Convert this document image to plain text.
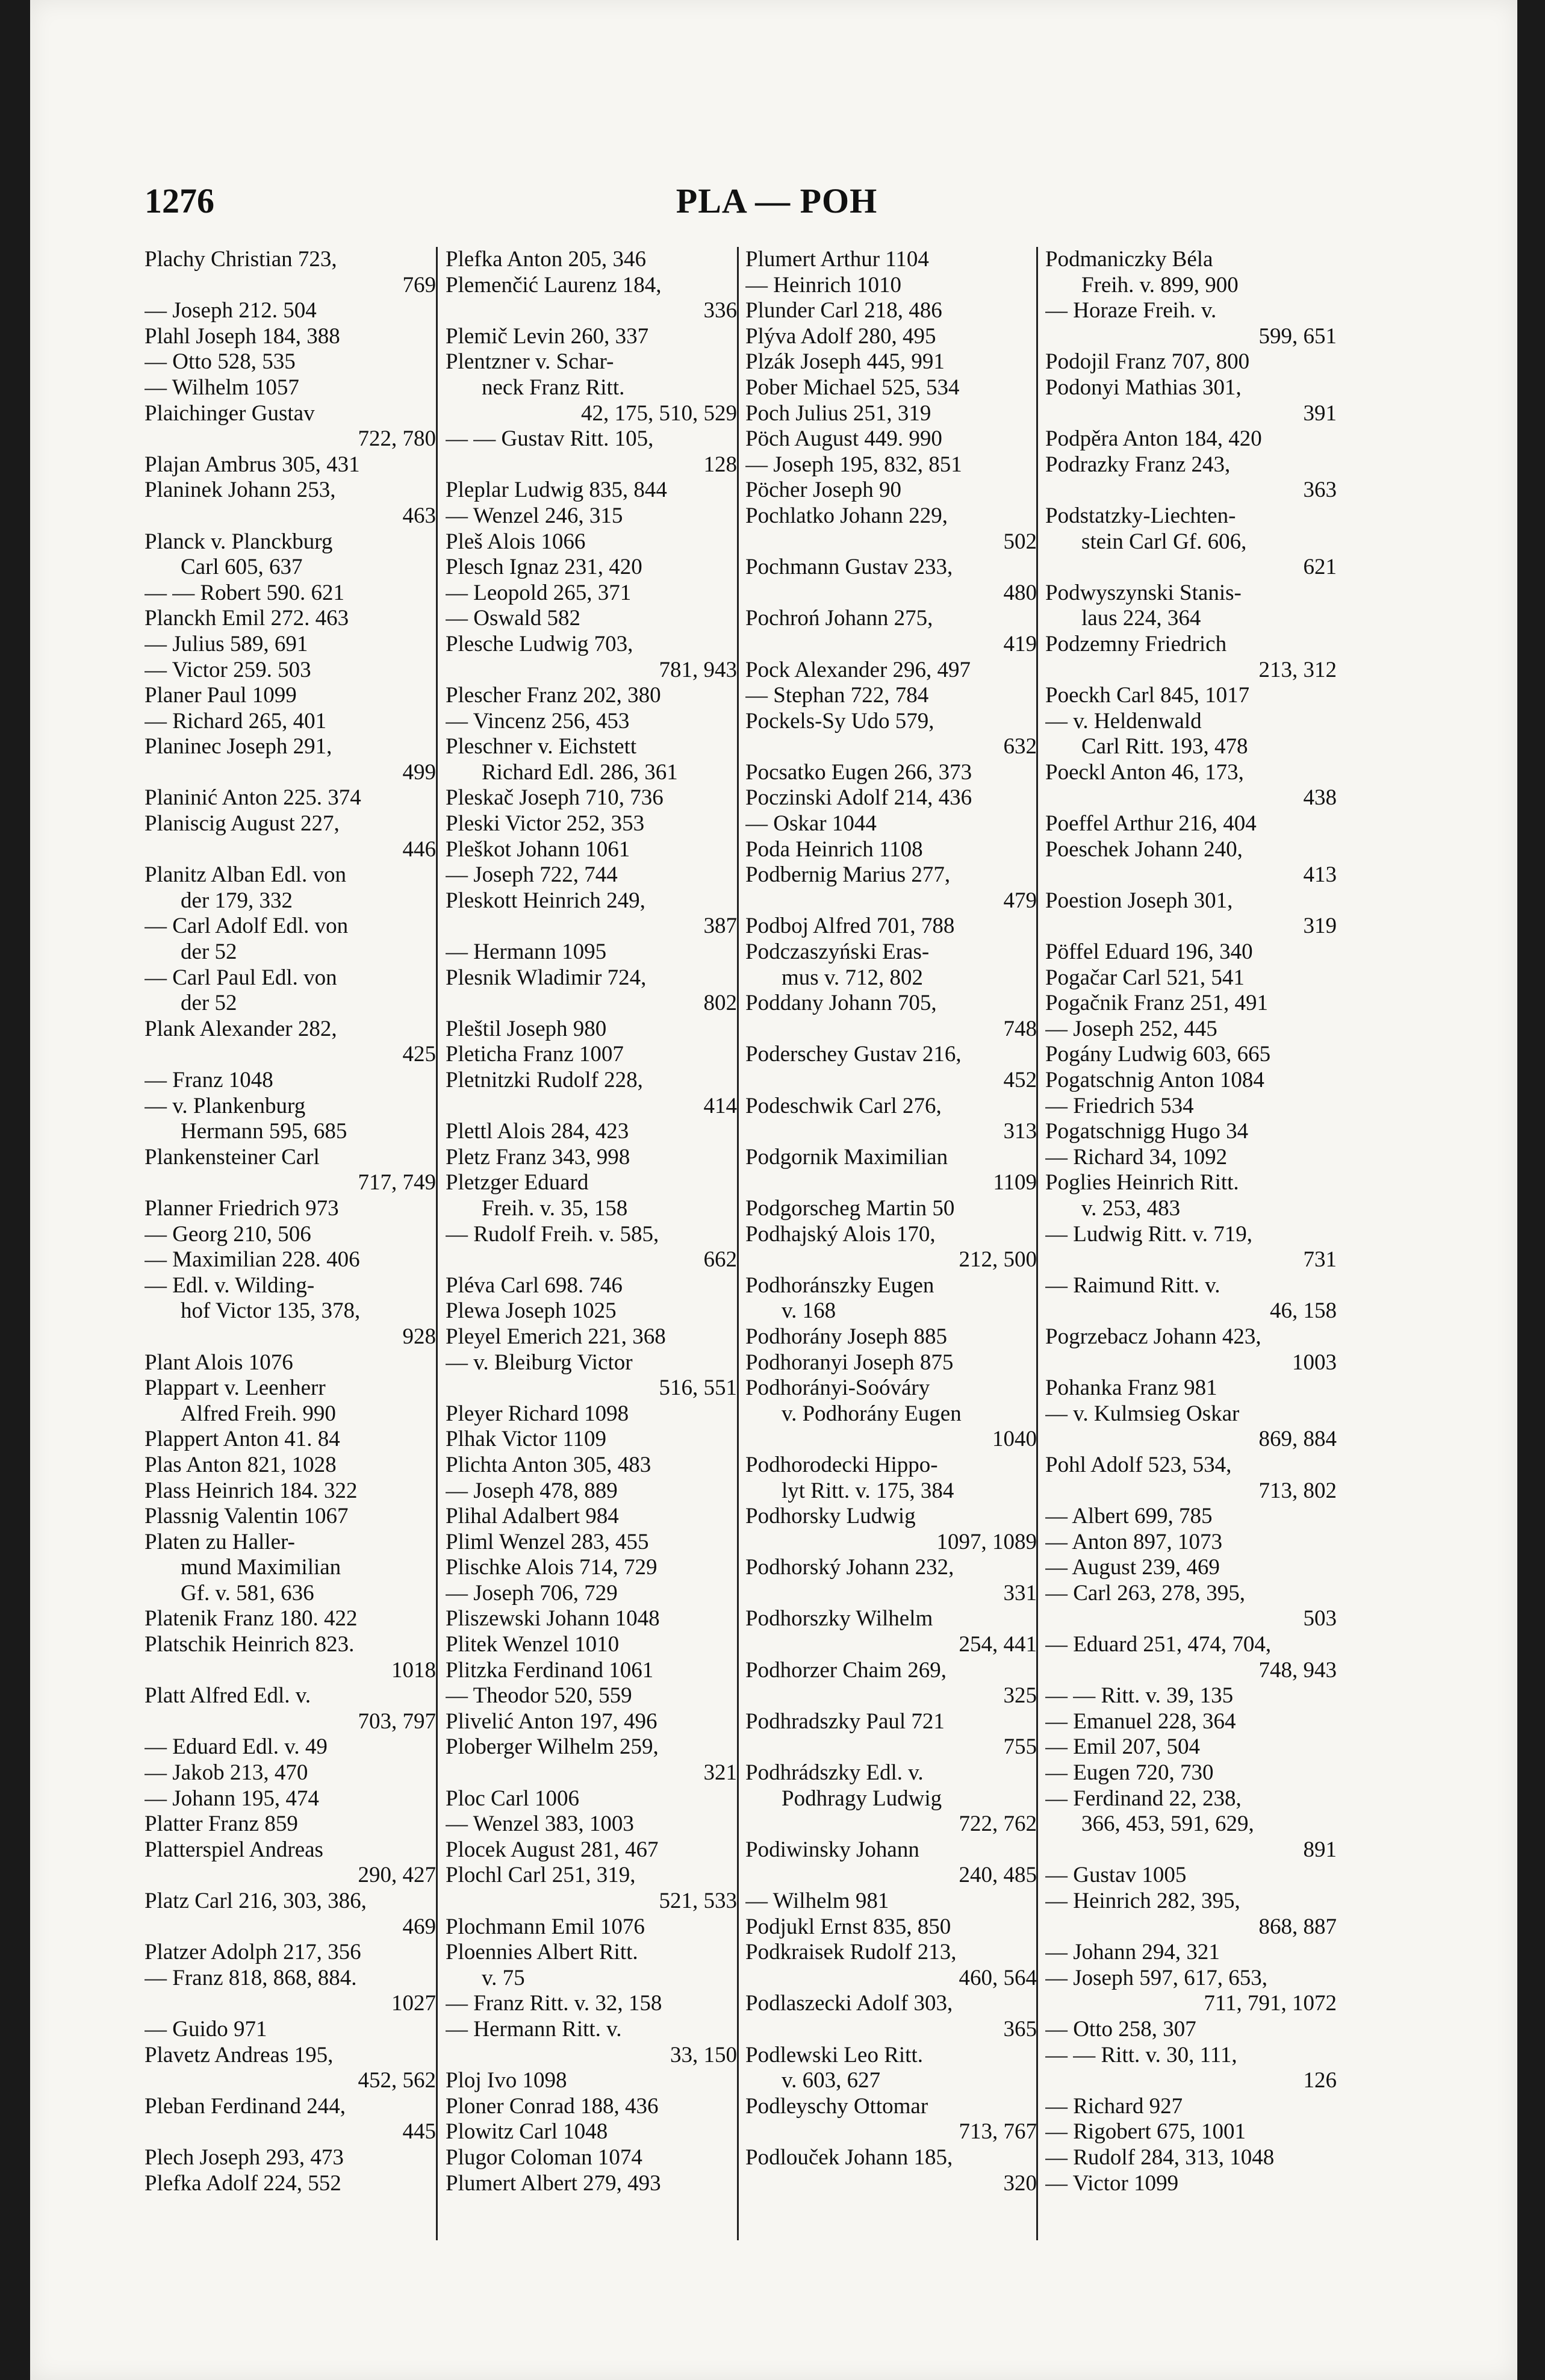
1276	PLA — POH
Plachy Christian 723,
769
— Joseph 212. 504
Plahl Joseph 184, 388
— Otto 528, 535
— Wilhelm 1057
Plaichinger Gustav
722, 780
Plajan Ambrus 305, 431
Planinek Johann 253,
463
Planck v. Planckburg
Carl 605, 637
— — Robert 590. 621
Planckh Emil 272. 463
— Julius 589, 691
— Victor 259. 503
Planer Paul 1099
— Richard 265, 401
Planinec Joseph 291,
499
Planinić Anton 225. 374
Planiscig August 227,
446
Planitz Alban Edl. von
der 179, 332
— Carl Adolf Edl. von
der 52
— Carl Paul Edl. von
der 52
Plank Alexander 282,
425
— Franz 1048
— v. Plankenburg
Hermann 595, 685
Plankensteiner Carl
717, 749
Planner Friedrich 973
— Georg 210, 506
— Maximilian 228. 406
— Edl. v. Wilding-
hof Victor 135, 378,
928
Plant Alois 1076
Plappart v. Leenherr
Alfred Freih. 990
Plappert Anton 41. 84
Plas Anton 821, 1028
Plass Heinrich 184. 322
Plassnig Valentin 1067
Platen zu Haller-
mund Maximilian
Gf. v. 581, 636
Platenik Franz 180. 422
Platschik Heinrich 823.
1018
Platt Alfred Edl. v.
703, 797
— Eduard Edl. v. 49
— Jakob 213, 470
— Johann 195, 474
Platter Franz 859
Platterspiel Andreas
290, 427
Platz Carl 216, 303, 386,
469
Platzer Adolph 217, 356
— Franz 818, 868, 884.
1027
— Guido 971
Plavetz Andreas 195,
452, 562
Pleban Ferdinand 244,
445
Plech Joseph 293, 473
Plefka Adolf 224, 552
Plefka Anton 205, 346
Plemenčić Laurenz 184,
336
Plemič Levin 260, 337
Plentzner v. Schar-
neck Franz Ritt.
42, 175, 510, 529
— — Gustav Ritt. 105,
128
Pleplar Ludwig 835, 844
— Wenzel 246, 315
Pleš Alois 1066
Plesch Ignaz 231, 420
— Leopold 265, 371
— Oswald 582
Plesche Ludwig 703,
781, 943
Plescher Franz 202, 380
— Vincenz 256, 453
Pleschner v. Eichstett
Richard Edl. 286, 361
Pleskač Joseph 710, 736
Pleski Victor 252, 353
Pleškot Johann 1061
— Joseph 722, 744
Pleskott Heinrich 249,
387
— Hermann 1095
Plesnik Wladimir 724,
802
Pleštil Joseph 980
Pleticha Franz 1007
Pletnitzki Rudolf 228,
414
Plettl Alois 284, 423
Pletz Franz 343, 998
Pletzger Eduard
Freih. v. 35, 158
— Rudolf Freih. v. 585,
662
Pléva Carl 698. 746
Plewa Joseph 1025
Pleyel Emerich 221, 368
— v. Bleiburg Victor
516, 551
Pleyer Richard 1098
Plhak Victor 1109
Plichta Anton 305, 483
— Joseph 478, 889
Plihal Adalbert 984
Pliml Wenzel 283, 455
Plischke Alois 714, 729
— Joseph 706, 729
Pliszewski Johann 1048
Plitek Wenzel 1010
Plitzka Ferdinand 1061
— Theodor 520, 559
Plivelić Anton 197, 496
Ploberger Wilhelm 259,
321
Ploc Carl 1006
— Wenzel 383, 1003
Plocek August 281, 467
Plochl Carl 251, 319,
521, 533
Plochmann Emil 1076
Ploennies Albert Ritt.
v. 75
— Franz Ritt. v. 32, 158
— Hermann Ritt. v.
33, 150
Ploj Ivo 1098
Ploner Conrad 188, 436
Plowitz Carl 1048
Plugor Coloman 1074
Plumert Albert 279, 493
Plumert Arthur 1104
— Heinrich 1010
Plunder Carl 218, 486
Plýva Adolf 280, 495
Plzák Joseph 445, 991
Pober Michael 525, 534
Poch Julius 251, 319
Pöch August 449. 990
— Joseph 195, 832, 851
Pöcher Joseph 90
Pochlatko Johann 229,
502
Pochmann Gustav 233,
480
Pochroń Johann 275,
419
Pock Alexander 296, 497
— Stephan 722, 784
Pockels-Sy Udo 579,
632
Pocsatko Eugen 266, 373
Poczinski Adolf 214, 436
— Oskar 1044
Poda Heinrich 1108
Podbernig Marius 277,
479
Podboj Alfred 701, 788
Podczaszyński Eras-
mus v. 712, 802
Poddany Johann 705,
748
Poderschey Gustav 216,
452
Podeschwik Carl 276,
313
Podgornik Maximilian
1109
Podgorscheg Martin 50
Podhajský Alois 170,
212, 500
Podhoránszky Eugen
v. 168
Podhorány Joseph 885
Podhoranyi Joseph 875
Podhorányi-Soóváry
v. Podhorány Eugen
1040
Podhorodecki Hippo-
lyt Ritt. v. 175, 384
Podhorsky Ludwig
1097, 1089
Podhorský Johann 232,
331
Podhorszky Wilhelm
254, 441
Podhorzer Chaim 269,
325
Podhradszky Paul 721
755
Podhrádszky Edl. v.
Podhragy Ludwig
722, 762
Podiwinsky Johann
240, 485
— Wilhelm 981
Podjukl Ernst 835, 850
Podkraisek Rudolf 213,
460, 564
Podlaszecki Adolf 303,
365
Podlewski Leo Ritt.
v. 603, 627
Podleyschy Ottomar
713, 767
Podlouček Johann 185,
320
Podmaniczky Béla
Freih. v. 899, 900
— Horaze Freih. v.
599, 651
Podojil Franz 707, 800
Podonyi Mathias 301,
391
Podpěra Anton 184, 420
Podrazky Franz 243,
363
Podstatzky-Liechten-
stein Carl Gf. 606,
621
Podwyszynski Stanis-
laus 224, 364
Podzemny Friedrich
213, 312
Poeckh Carl 845, 1017
— v. Heldenwald
Carl Ritt. 193, 478
Poeckl Anton 46, 173,
438
Poeffel Arthur 216, 404
Poeschek Johann 240,
413
Poestion Joseph 301,
319
Pöffel Eduard 196, 340
Pogačar Carl 521, 541
Pogačnik Franz 251, 491
— Joseph 252, 445
Pogány Ludwig 603, 665
Pogatschnig Anton 1084
— Friedrich 534
Pogatschnigg Hugo 34
— Richard 34, 1092
Poglies Heinrich Ritt.
v. 253, 483
— Ludwig Ritt. v. 719,
731
— Raimund Ritt. v.
46, 158
Pogrzebacz Johann 423,
1003
Pohanka Franz 981
— v. Kulmsieg Oskar
869, 884
Pohl Adolf 523, 534,
713, 802
— Albert 699, 785
— Anton 897, 1073
— August 239, 469
— Carl 263, 278, 395,
503
— Eduard 251, 474, 704,
748, 943
— — Ritt. v. 39, 135
— Emanuel 228, 364
— Emil 207, 504
— Eugen 720, 730
— Ferdinand 22, 238,
366, 453, 591, 629,
891
— Gustav 1005
— Heinrich 282, 395,
868, 887
— Johann 294, 321
— Joseph 597, 617, 653,
711, 791, 1072
— Otto 258, 307
— — Ritt. v. 30, 111,
126
— Richard 927
— Rigobert 675, 1001
— Rudolf 284, 313, 1048
— Victor 1099
